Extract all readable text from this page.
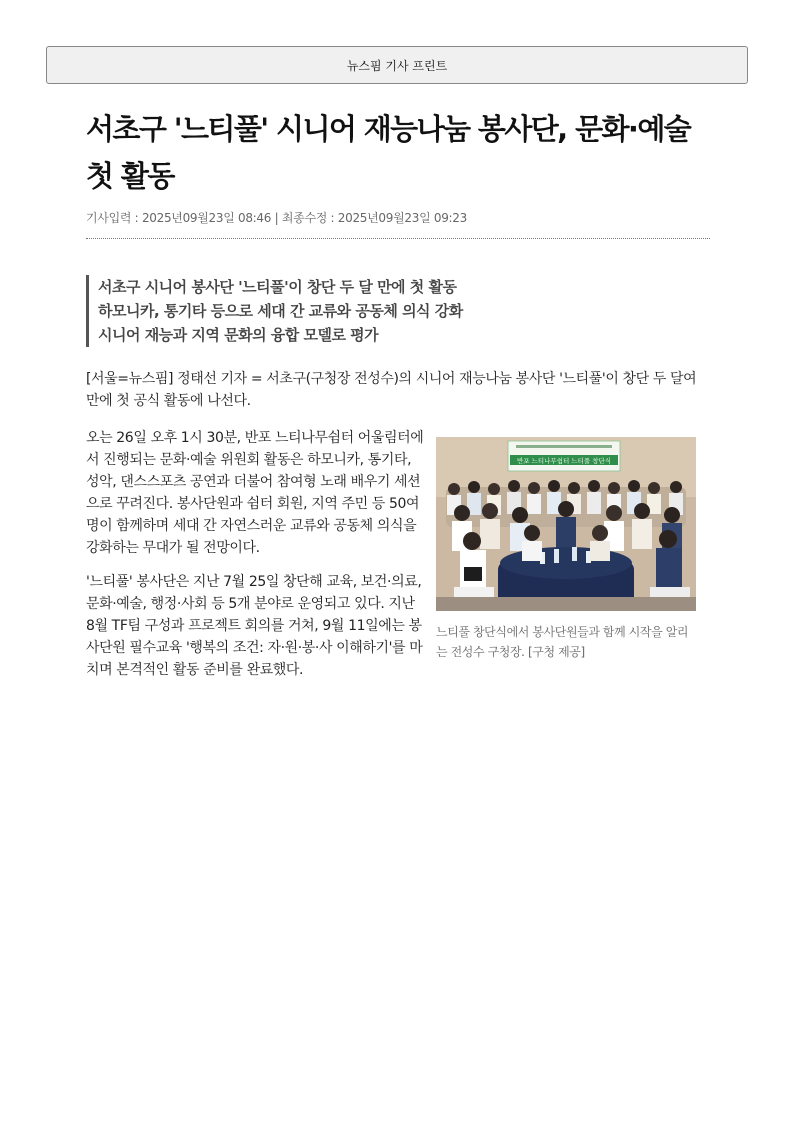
뉴스핌 기사 프린트
서초구 '느티풀' 시니어 재능나눔 봉사단, 문화·예술 첫 활동
기사입력 : 2025년09월23일 08:46 | 최종수정 : 2025년09월23일 09:23

서초구 시니어 봉사단 '느티풀'이 창단 두 달 만에 첫 활동

하모니카, 통기타 등으로 세대 간 교류와 공동체 의식 강화

시니어 재능과 지역 문화의 융합 모델로 평가

[서울=뉴스핌] 정태선 기자 = 서초구(구청장 전성수)의 시니어 재능나눔 봉사단 '느티풀'이 창단 두 달여 만에 첫 공식 활동에 나선다.

오는 26일 오후 1시 30분, 반포 느티나무쉼터 어울림터에서 진행되는 문화·예술 위원회 활동은 하모니카, 통기타, 성악, 댄스스포츠 공연과 더불어 참여형 노래 배우기 세션으로 꾸려진다. 봉사단원과 쉼터 회원, 지역 주민 등 50여 명이 함께하며 세대 간 자연스러운 교류와 공동체 의식을 강화하는 무대가 될 전망이다.

'느티풀' 봉사단은 지난 7월 25일 창단해 교육, 보건·의료, 문화·예술, 행정·사회 등 5개 분야로 운영되고 있다. 지난 8월 TF팀 구성과 프로젝트 회의를 거쳐, 9월 11일에는 봉사단원 필수교육 '행복의 조건: 자·원·봉·사 이해하기'를 마치며 본격적인 활동 준비를 완료했다.

반포 느티나무쉼터 느티풀 창단식

느티풀 창단식에서 봉사단원들과 함께 시작을 알리는 전성수 구청장. [구청 제공]
